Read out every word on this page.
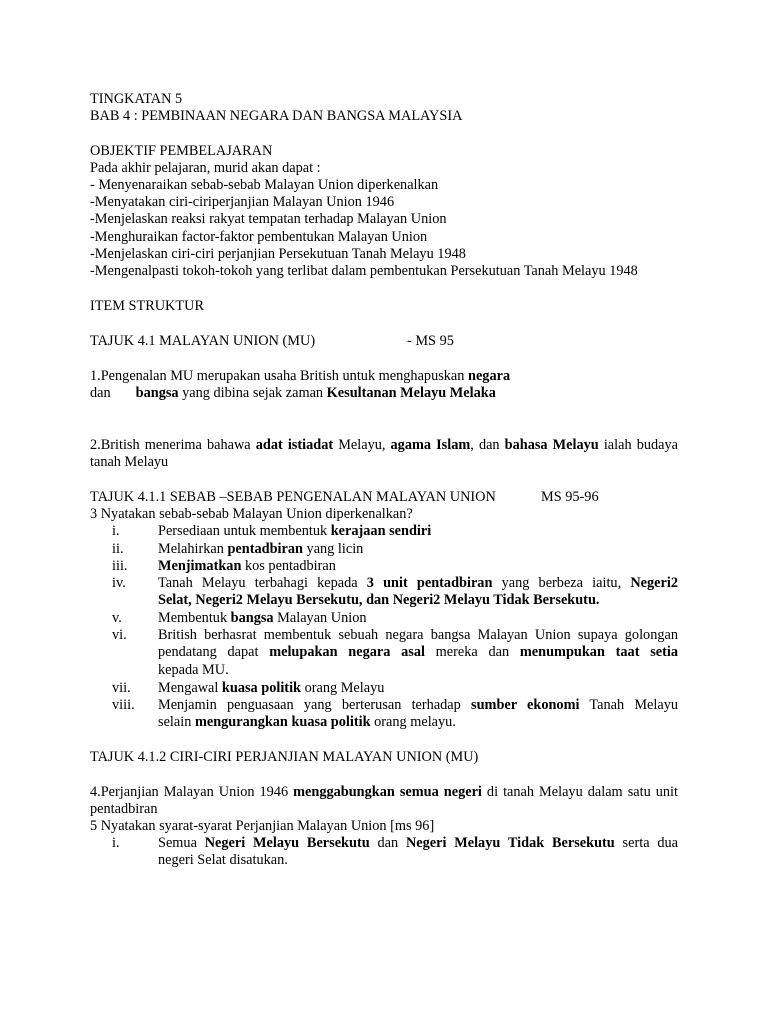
TINGKATAN 5
BAB 4 : PEMBINAAN NEGARA DAN BANGSA MALAYSIA
OBJEKTIF PEMBELAJARAN
Pada akhir pelajaran, murid akan dapat :
- Menyenaraikan sebab-sebab Malayan Union diperkenalkan
-Menyatakan ciri-ciriperjanjian Malayan Union 1946
-Menjelaskan reaksi rakyat tempatan terhadap Malayan Union
-Menghuraikan factor-faktor pembentukan Malayan Union
-Menjelaskan ciri-ciri perjanjian Persekutuan Tanah Melayu 1948
-Mengenalpasti tokoh-tokoh yang terlibat dalam pembentukan Persekutuan Tanah Melayu 1948
ITEM STRUKTUR
TAJUK 4.1 MALAYAN UNION (MU)	- MS 95
1.Pengenalan MU merupakan usaha British untuk menghapuskan negara
dan bangsa yang dibina sejak zaman Kesultanan Melayu Melaka
2.British menerima bahawa adat istiadat Melayu, agama Islam, dan bahasa Melayu ialah budaya tanah Melayu
TAJUK 4.1.1 SEBAB –SEBAB PENGENALAN MALAYAN UNION	MS 95-96
3 Nyatakan sebab-sebab Malayan Union diperkenalkan?
i.	Persediaan untuk membentuk kerajaan sendiri
ii. Melahirkan pentadbiran yang licin
iii. Menjimatkan kos pentadbiran
iv. Tanah Melayu terbahagi kepada 3 unit pentadbiran yang berbeza iaitu, Negeri2
Selat, Negeri2 Melayu Bersekutu, dan Negeri2 Melayu Tidak Bersekutu.
v.	Membentuk bangsa Malayan Union
vi. British berhasrat membentuk sebuah negara bangsa Malayan Union supaya golongan
pendatang dapat melupakan negara asal mereka dan menumpukan taat setia
kepada MU.
vii. Mengawal kuasa politik orang Melayu
viii. Menjamin penguasaan yang berterusan terhadap sumber ekonomi Tanah Melayu
selain mengurangkan kuasa politik orang melayu.
TAJUK 4.1.2 CIRI-CIRI PERJANJIAN MALAYAN UNION (MU)
4.Perjanjian Malayan Union 1946 menggabungkan semua negeri di tanah Melayu dalam satu unit pentadbiran
5 Nyatakan syarat-syarat Perjanjian Malayan Union [ms 96]
i.	Semua Negeri Melayu Bersekutu dan Negeri Melayu Tidak Bersekutu serta dua
negeri Selat disatukan.
